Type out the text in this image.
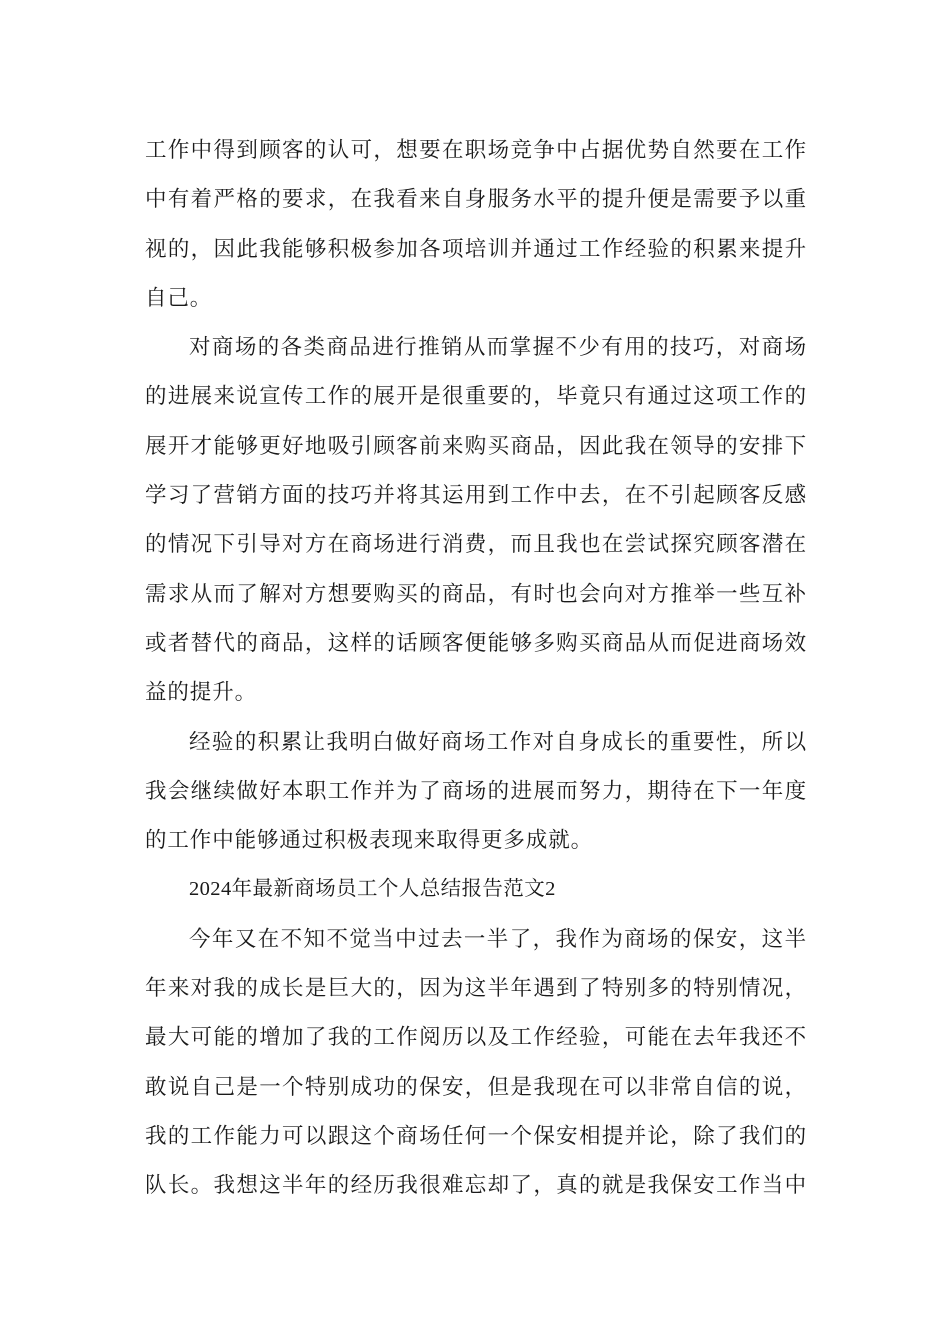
工作中得到顾客的认可，想要在职场竞争中占据优势自然要在工作
中有着严格的要求，在我看来自身服务水平的提升便是需要予以重
视的，因此我能够积极参加各项培训并通过工作经验的积累来提升
自己。
对商场的各类商品进行推销从而掌握不少有用的技巧，对商场
的进展来说宣传工作的展开是很重要的，毕竟只有通过这项工作的
展开才能够更好地吸引顾客前来购买商品，因此我在领导的安排下
学习了营销方面的技巧并将其运用到工作中去，在不引起顾客反感
的情况下引导对方在商场进行消费，而且我也在尝试探究顾客潜在
需求从而了解对方想要购买的商品，有时也会向对方推举一些互补
或者替代的商品，这样的话顾客便能够多购买商品从而促进商场效
益的提升。
经验的积累让我明白做好商场工作对自身成长的重要性，所以
我会继续做好本职工作并为了商场的进展而努力，期待在下一年度
的工作中能够通过积极表现来取得更多成就。
2024年最新商场员工个人总结报告范文2
今年又在不知不觉当中过去一半了，我作为商场的保安，这半
年来对我的成长是巨大的，因为这半年遇到了特别多的特别情况，
最大可能的增加了我的工作阅历以及工作经验，可能在去年我还不
敢说自己是一个特别成功的保安，但是我现在可以非常自信的说，
我的工作能力可以跟这个商场任何一个保安相提并论，除了我们的
队长。我想这半年的经历我很难忘却了，真的就是我保安工作当中
